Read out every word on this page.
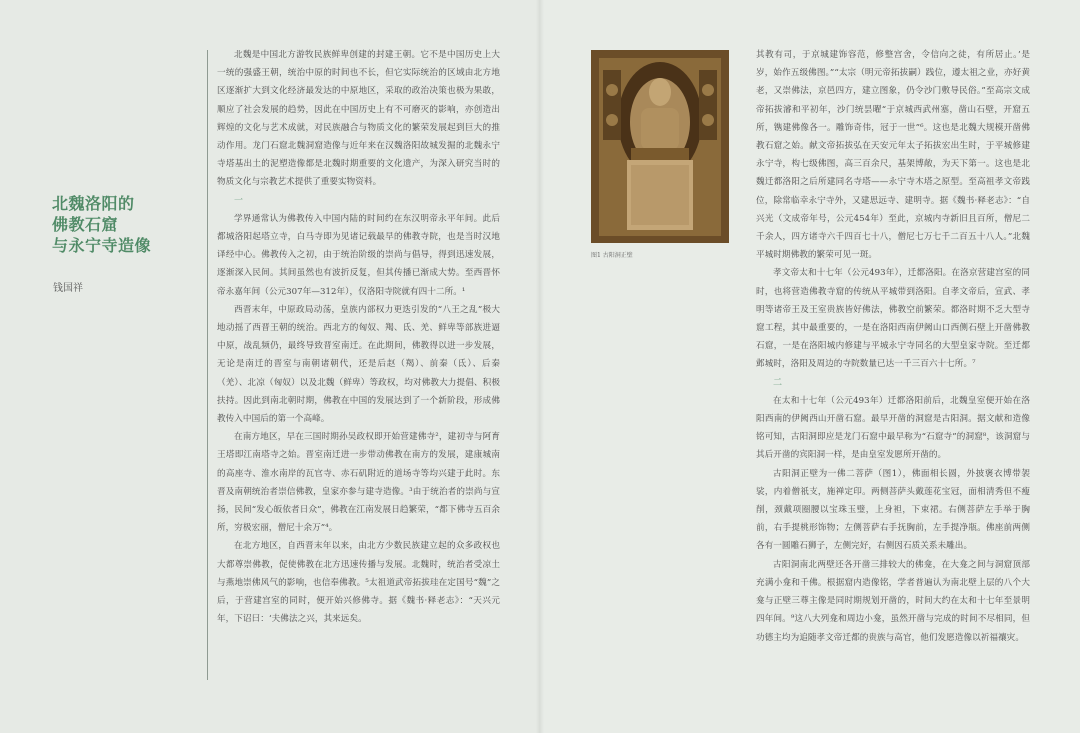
北魏洛阳的
佛教石窟
与永宁寺造像
钱国祥

北魏是中国北方游牧民族鲜卑创建的封建王朝。它不是中国历史上大一统的强盛王朝，统治中原的时间也不长，但它实际统治的区域由北方地区逐渐扩大到文化经济最发达的中原地区，采取的政治决策也极为果敢，顺应了社会发展的趋势，因此在中国历史上有不可磨灭的影响，亦创造出辉煌的文化与艺术成就，对民族融合与物质文化的繁荣发展起到巨大的推动作用。龙门石窟北魏洞窟造像与近年来在汉魏洛阳故城发掘的北魏永宁寺塔基出土的泥塑造像都是北魏时期重要的文化遗产，为深入研究当时的物质文化与宗教艺术提供了重要实物资料。

一

学界通常认为佛教传入中国内陆的时间约在东汉明帝永平年间。此后都城洛阳起塔立寺，白马寺即为见诸记载最早的佛教寺院，也是当时汉地译经中心。佛教传入之初，由于统治阶级的崇尚与倡导，得到迅速发展，逐渐深入民间。其间虽然也有波折反复，但其传播已渐成大势。至西晋怀帝永嘉年间（公元307年—312年），仅洛阳寺院就有四十二所。¹

西晋末年，中原政局动荡，皇族内部权力更迭引发的“八王之乱”极大地动摇了西晋王朝的统治。西北方的匈奴、羯、氐、羌、鲜卑等部族进逼中原，战乱频仍，最终导致晋室南迁。在此期间，佛教得以进一步发展，无论是南迁的晋室与南朝诸朝代，还是后赵（羯）、前秦（氐）、后秦（羌）、北凉（匈奴）以及北魏（鲜卑）等政权，均对佛教大力提倡、积极扶持。因此到南北朝时期，佛教在中国的发展达到了一个新阶段，形成佛教传入中国后的第一个高峰。

在南方地区，早在三国时期孙吴政权即开始营建佛寺²，建初寺与阿育王塔即江南塔寺之始。晋室南迁进一步带动佛教在南方的发展，建康城南的高座寺、淮水南岸的瓦官寺、赤石矶附近的道场寺等均兴建于此时。东晋及南朝统治者崇信佛教，皇家亦参与建寺造像。³由于统治者的崇尚与宣扬，民间“发心皈依者日众”，佛教在江南发展日趋繁荣，“都下佛寺五百余所，穷极宏丽，僧尼十余万”⁴。

在北方地区，自西晋末年以来，由北方少数民族建立起的众多政权也大都尊崇佛教，促使佛教在北方迅速传播与发展。北魏时，统治者受凉土与燕地崇佛风气的影响，也信奉佛教。⁵太祖道武帝拓拔珪在定国号“魏”之后，于营建宫室的同时，便开始兴修佛寺。据《魏书·释老志》：“天兴元年，下诏曰：‘夫佛法之兴，其来远矣。

图1 古阳洞正壁

其教有司，于京城建饰容范，修整宫舍，令信向之徒，有所居止。’是岁，始作五级佛图。”“太宗（明元帝拓拔嗣）践位，遵太祖之业，亦好黄老，又崇佛法，京邑四方，建立图象，仍令沙门敷导民俗。”至高宗文成帝拓拔濬和平初年，沙门统昙曜“于京城西武州塞，凿山石壁，开窟五所，镌建佛像各一。雕饰奇伟，冠于一世”⁶。这也是北魏大规模开凿佛教石窟之始。献文帝拓拔弘在天安元年太子拓拔宏出生时，于平城修建永宁寺，构七级佛图，高三百余尺，基架博敞，为天下第一。这也是北魏迁都洛阳之后所建同名寺塔——永宁寺木塔之原型。至高祖孝文帝践位，除常临幸永宁寺外，又建思远寺、建明寺。据《魏书·释老志》：“自兴光（文成帝年号，公元454年）至此，京城内寺新旧且百所，僧尼二千余人，四方诸寺六千四百七十八，僧尼七万七千二百五十八人。”北魏平城时期佛教的繁荣可见一斑。

孝文帝太和十七年（公元493年），迁都洛阳。在洛京营建宫室的同时，也将营造佛教寺窟的传统从平城带到洛阳。自孝文帝后，宣武、孝明等诸帝王及王室贵族皆好佛法，佛教空前繁荣。都洛时期不乏大型寺窟工程，其中最重要的，一是在洛阳西南伊阙山口西侧石壁上开凿佛教石窟，一是在洛阳城内修建与平城永宁寺同名的大型皇家寺院。至迁都邺城时，洛阳及周边的寺院数量已达一千三百六十七所。⁷

二

在太和十七年（公元493年）迁都洛阳前后，北魏皇室便开始在洛阳西南的伊阙西山开凿石窟。最早开凿的洞窟是古阳洞。据文献和造像铭可知，古阳洞即应是龙门石窟中最早称为“石窟寺”的洞窟⁸，该洞窟与其后开凿的宾阳洞一样，是由皇室发愿所开凿的。

古阳洞正壁为一佛二菩萨（图1），佛面相长圆，外披褒衣博带袈裟，内着僧祇支，施禅定印。两侧菩萨头戴莲花宝冠，面相清秀但不瘦削，颈戴项圈腰以宝珠玉璧，上身袒，下束裙。右侧菩萨左手举于胸前，右手提桃形饰物；左侧菩萨右手抚胸前，左手提净瓶。佛座前两侧各有一圆雕石狮子，左侧完好，右侧因石质关系未雕出。

古阳洞南北两壁还各开凿三排较大的佛龛，在大龛之间与洞窟顶部充满小龛和千佛。根据窟内造像铭，学者普遍认为南北壁上层的八个大龛与正壁三尊主像是同时期规划开凿的，时间大约在太和十七年至景明四年间。⁹这八大列龛和周边小龛，虽然开凿与完成的时间不尽相同，但功德主均为追随孝文帝迁都的贵族与高官，他们发愿造像以祈福禳灾。
